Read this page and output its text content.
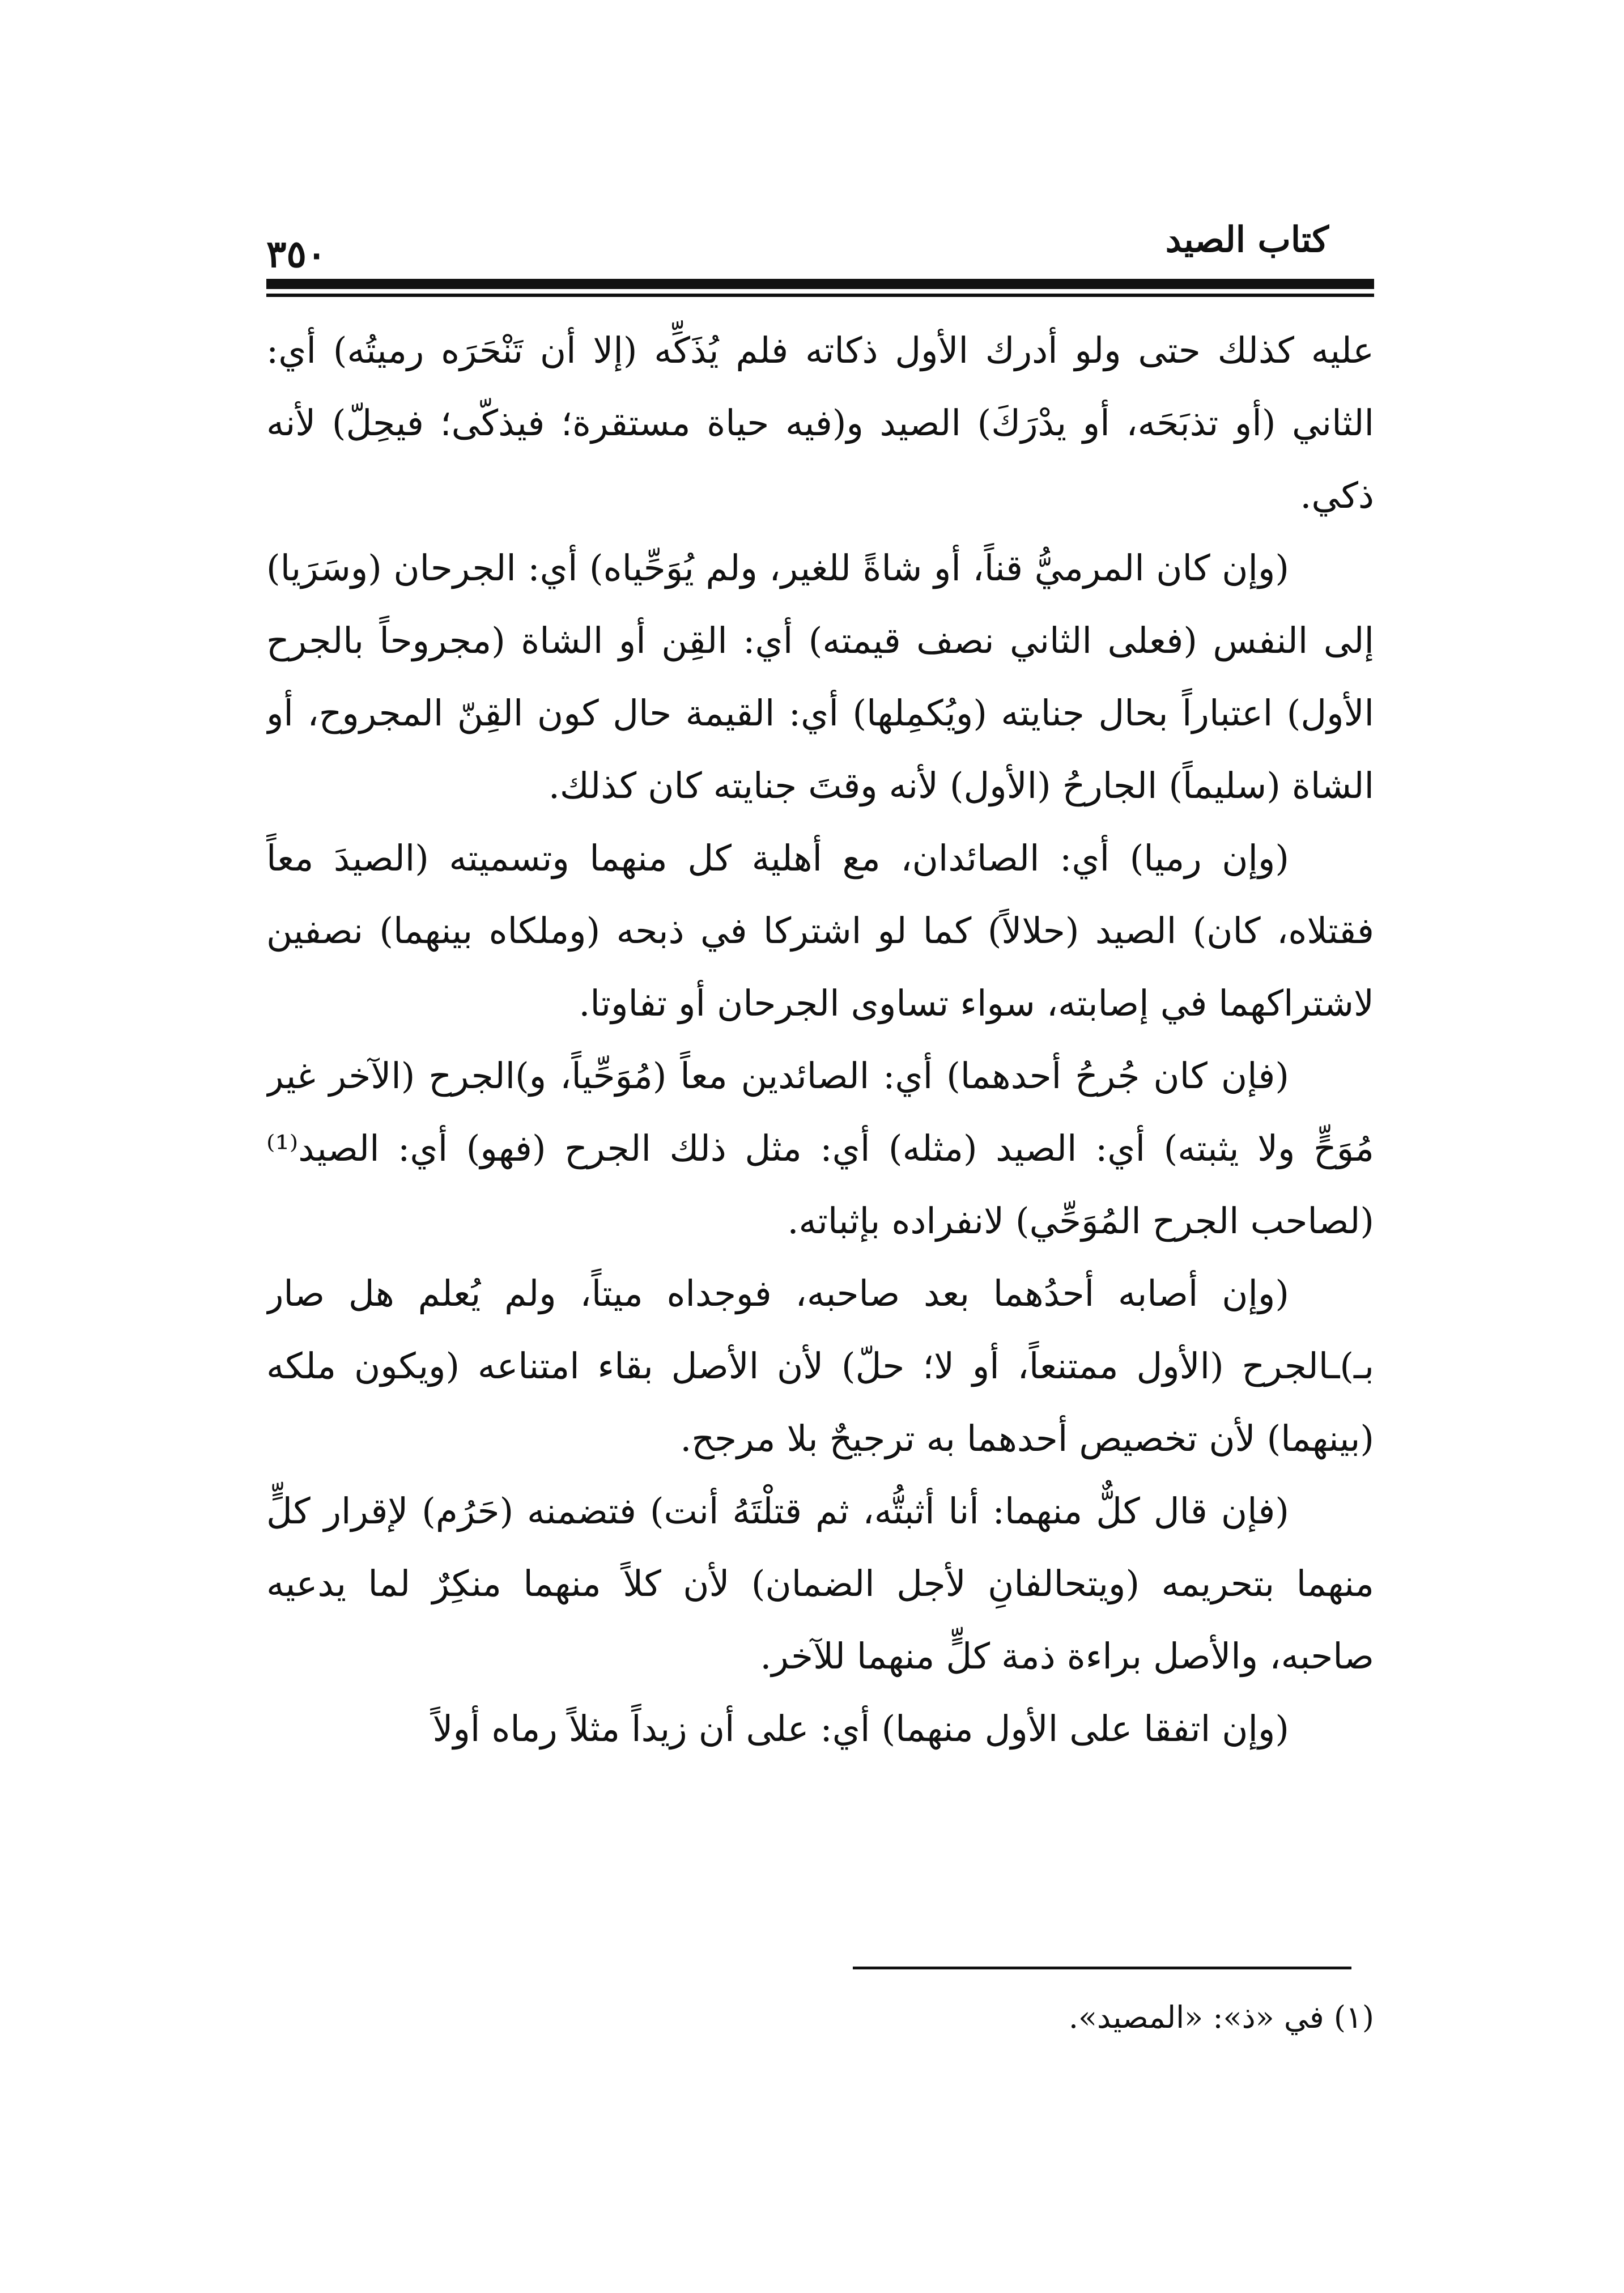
كتاب الصيد
٣٥٠

عليه كذلك حتى ولو أدرك الأول ذكاته فلم يُذَكِّه (إلا أن تَنْحَرَه رميتُه) أي: الثاني (أو تذبَحَه، أو يدْرَكَ) الصيد و(فيه حياة مستقرة؛ فيذكّى؛ فيحِلّ) لأنه ذكي.

(وإن كان المرميُّ قناً، أو شاةً للغير، ولم يُوَحِّياه) أي: الجرحان (وسَرَيا) إلى النفس (فعلى الثاني نصف قيمته) أي: القِن أو الشاة (مجروحاً بالجرح الأول) اعتباراً بحال جنايته (ويُكمِلها) أي: القيمة حال كون القِنّ المجروح، أو الشاة (سليماً) الجارحُ (الأول) لأنه وقتَ جنايته كان كذلك.

(وإن رميا) أي: الصائدان، مع أهلية كل منهما وتسميته (الصيدَ معاً فقتلاه، كان) الصيد (حلالاً) كما لو اشتركا في ذبحه (وملكاه بينهما) نصفين لاشتراكهما في إصابته، سواء تساوى الجرحان أو تفاوتا.

(فإن كان جُرحُ أحدهما) أي: الصائدين معاً (مُوَحِّياً، و)الجرح (الآخر غير مُوَحٍّ ولا يثبته) أي: الصيد (مثله) أي: مثل ذلك الجرح (فهو) أي: الصيد⁽¹⁾ (لصاحب الجرح المُوَحِّي) لانفراده بإثباته.

(وإن أصابه أحدُهما بعد صاحبه، فوجداه ميتاً، ولم يُعلم هل صار بـ)ـالجرح (الأول ممتنعاً، أو لا؛ حلّ) لأن الأصل بقاء امتناعه (ويكون ملكه (بينهما) لأن تخصيص أحدهما به ترجيحٌ بلا مرجح.

(فإن قال كلٌّ منهما: أنا أثبتُّه، ثم قتلْتَهُ أنت) فتضمنه (حَرُم) لإقرار كلٍّ منهما بتحريمه (ويتحالفانِ لأجل الضمان) لأن كلاً منهما منكِرٌ لما يدعيه صاحبه، والأصل براءة ذمة كلٍّ منهما للآخر.

(وإن اتفقا على الأول منهما) أي: على أن زيداً مثلاً رماه أولاً

(١) في «ذ»: «المصيد».
